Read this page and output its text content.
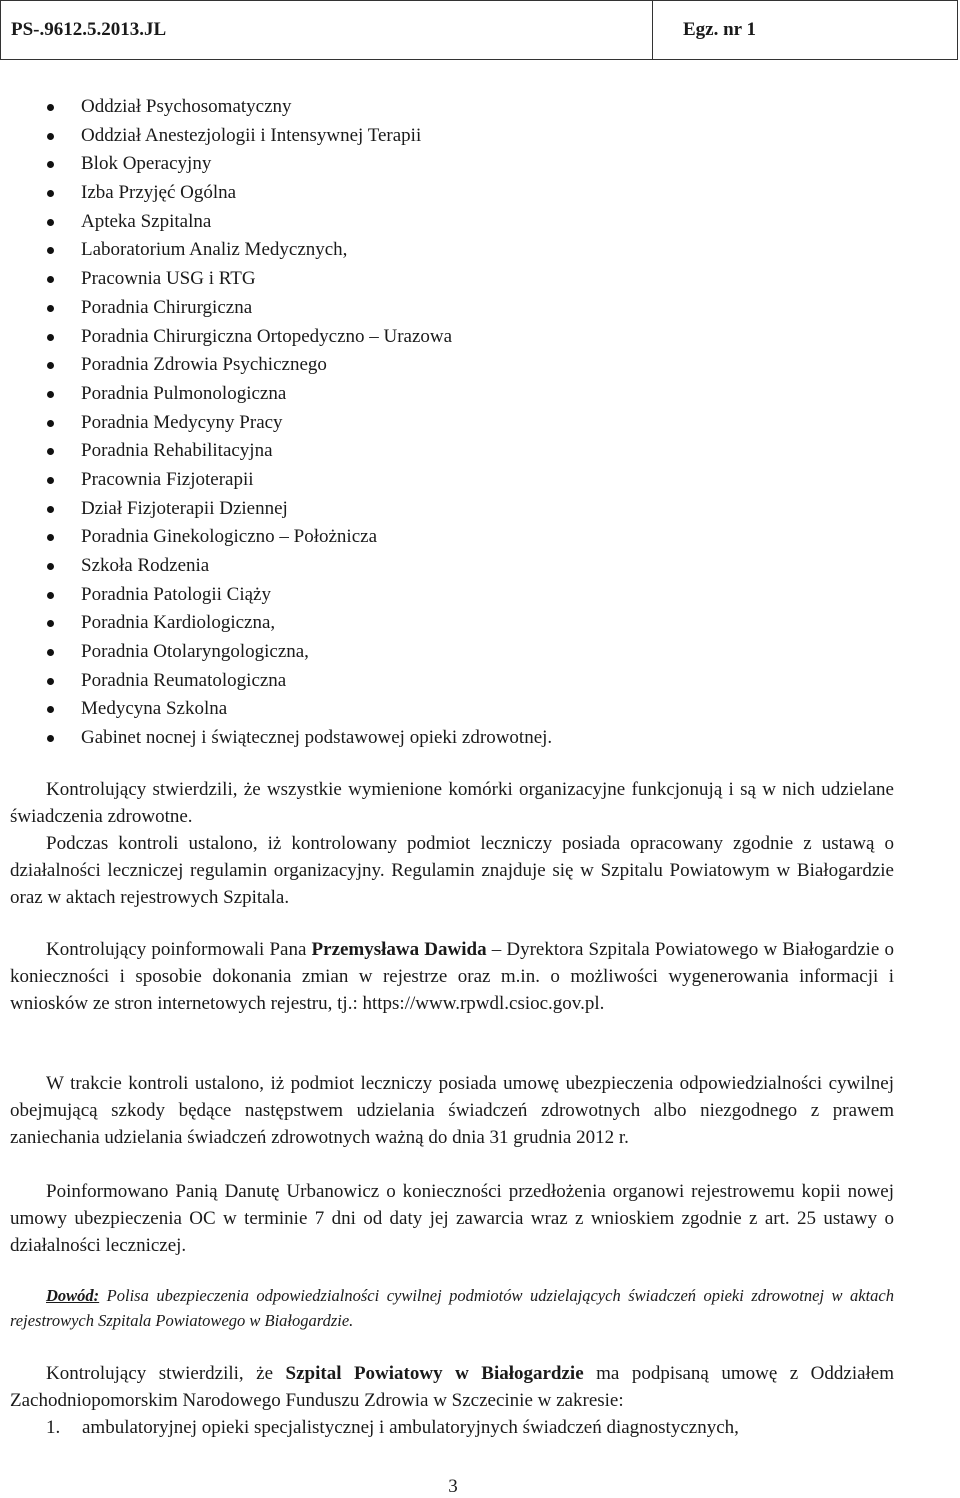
PS-.9612.5.2013.JL	Egz. nr 1
Oddział Psychosomatyczny
Oddział Anestezjologii i Intensywnej Terapii
Blok Operacyjny
Izba Przyjęć Ogólna
Apteka Szpitalna
Laboratorium Analiz Medycznych,
Pracownia USG i RTG
Poradnia Chirurgiczna
Poradnia Chirurgiczna Ortopedyczno – Urazowa
Poradnia Zdrowia Psychicznego
Poradnia Pulmonologiczna
Poradnia Medycyny Pracy
Poradnia Rehabilitacyjna
Pracownia Fizjoterapii
Dział Fizjoterapii Dziennej
Poradnia Ginekologiczno – Położnicza
Szkoła Rodzenia
Poradnia Patologii Ciąży
Poradnia Kardiologiczna,
Poradnia Otolaryngologiczna,
Poradnia Reumatologiczna
Medycyna Szkolna
Gabinet nocnej i świątecznej podstawowej opieki zdrowotnej.

Kontrolujący stwierdzili, że wszystkie wymienione komórki organizacyjne funkcjonują i są w nich udzielane świadczenia zdrowotne.

Podczas kontroli ustalono, iż kontrolowany podmiot leczniczy posiada opracowany zgodnie z ustawą o działalności leczniczej regulamin organizacyjny. Regulamin znajduje się w Szpitalu Powiatowym w Białogardzie oraz w aktach rejestrowych Szpitala.

Kontrolujący poinformowali Pana Przemysława Dawida – Dyrektora Szpitala Powiatowego w Białogardzie o konieczności i sposobie dokonania zmian w rejestrze oraz m.in. o możliwości wygenerowania informacji i wniosków ze stron internetowych rejestru, tj.: https://www.rpwdl.csioc.gov.pl.

W trakcie kontroli ustalono, iż podmiot leczniczy posiada umowę ubezpieczenia odpowiedzialności cywilnej obejmującą szkody będące następstwem udzielania świadczeń zdrowotnych albo niezgodnego z prawem zaniechania udzielania świadczeń zdrowotnych ważną do dnia 31 grudnia 2012 r.

Poinformowano Panią Danutę Urbanowicz o konieczności przedłożenia organowi rejestrowemu kopii nowej umowy ubezpieczenia OC w terminie 7 dni od daty jej zawarcia wraz z wnioskiem zgodnie z art. 25 ustawy o działalności leczniczej.

Dowód: Polisa ubezpieczenia odpowiedzialności cywilnej podmiotów udzielających świadczeń opieki zdrowotnej w aktach rejestrowych Szpitala Powiatowego w Białogardzie.

Kontrolujący stwierdzili, że Szpital Powiatowy w Białogardzie ma podpisaną umowę z Oddziałem Zachodniopomorskim Narodowego Funduszu Zdrowia w Szczecinie w zakresie:

1. ambulatoryjnej opieki specjalistycznej i ambulatoryjnych świadczeń diagnostycznych,
3
